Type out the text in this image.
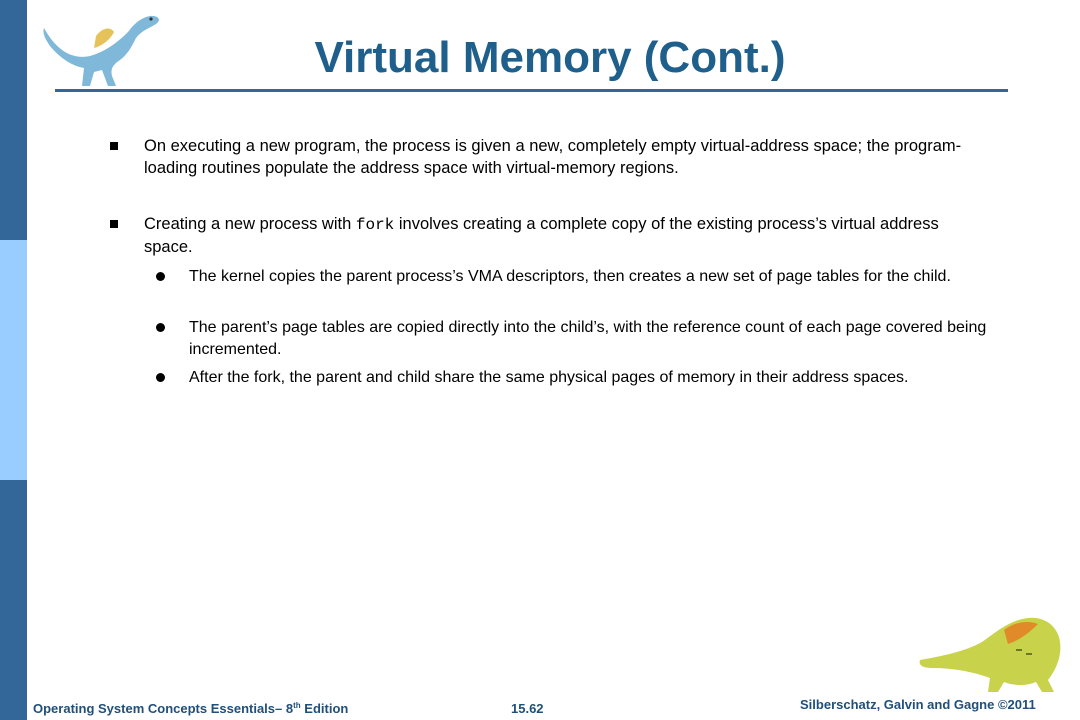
Virtual Memory (Cont.)
On executing a new program, the process is given a new, completely empty virtual-address space; the program-loading routines populate the address space with virtual-memory regions.
Creating a new process with fork involves creating a complete copy of the existing process’s virtual address space.
The kernel copies the parent process’s VMA descriptors, then creates a new set of page tables for the child.
The parent’s page tables are copied directly into the child’s, with the reference count of each page covered being incremented.
After the fork, the parent and child share the same physical pages of memory in their address spaces.
Operating System Concepts Essentials– 8th Edition	15.62	Silberschatz, Galvin and Gagne ©2011
